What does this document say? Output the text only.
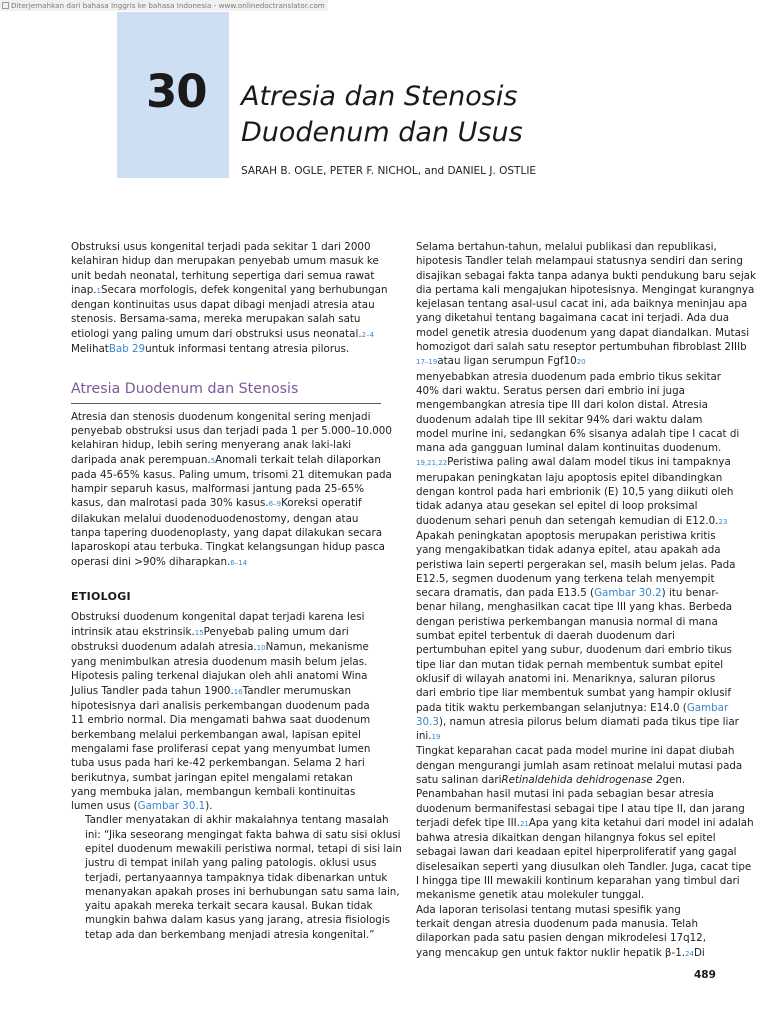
Diterjemahkan dari bahasa Inggris ke bahasa Indonesia - www.onlinedoctranslator.com
30 Atresia dan Stenosis
Duodenum dan Usus
SARAH B. OGLE, PETER F. NICHOL, and DANIEL J. OSTLIE

Obstruksi usus kongenital terjadi pada sekitar 1 dari 2000
kelahiran hidup dan merupakan penyebab umum masuk ke
unit bedah neonatal, terhitung sepertiga dari semua rawat
inap.1Secara morfologis, defek kongenital yang berhubungan
dengan kontinuitas usus dapat dibagi menjadi atresia atau
stenosis. Bersama-sama, mereka merupakan salah satu
etiologi yang paling umum dari obstruksi usus neonatal.2–4
MelihatBab 29untuk informasi tentang atresia pilorus.

Atresia Duodenum dan Stenosis

Atresia dan stenosis duodenum kongenital sering menjadi
penyebab obstruksi usus dan terjadi pada 1 per 5.000–10.000
kelahiran hidup, lebih sering menyerang anak laki-laki
daripada anak perempuan.5Anomali terkait telah dilaporkan
pada 45-65% kasus. Paling umum, trisomi 21 ditemukan pada
hampir separuh kasus, malformasi jantung pada 25-65%
kasus, dan malrotasi pada 30% kasus.6–9Koreksi operatif
dilakukan melalui duodenoduodenostomy, dengan atau
tanpa tapering duodenoplasty, yang dapat dilakukan secara
laparoskopi atau terbuka. Tingkat kelangsungan hidup pasca
operasi dini >90% diharapkan.6–14

ETIOLOGI

Obstruksi duodenum kongenital dapat terjadi karena lesi
intrinsik atau ekstrinsik.15Penyebab paling umum dari
obstruksi duodenum adalah atresia.10Namun, mekanisme
yang menimbulkan atresia duodenum masih belum jelas.
Hipotesis paling terkenal diajukan oleh ahli anatomi Wina
Julius Tandler pada tahun 1900.16Tandler merumuskan
hipotesisnya dari analisis perkembangan duodenum pada
11 embrio normal. Dia mengamati bahwa saat duodenum
berkembang melalui perkembangan awal, lapisan epitel
mengalami fase proliferasi cepat yang menyumbat lumen
tuba usus pada hari ke-42 perkembangan. Selama 2 hari
berikutnya, sumbat jaringan epitel mengalami retakan
yang membuka jalan, membangun kembali kontinuitas
lumen usus (Gambar 30.1).

Tandler menyatakan di akhir makalahnya tentang masalah
ini: “Jika seseorang mengingat fakta bahwa di satu sisi oklusi
epitel duodenum mewakili peristiwa normal, tetapi di sisi lain
justru di tempat inilah yang paling patologis. oklusi usus
terjadi, pertanyaannya tampaknya tidak dibenarkan untuk
menanyakan apakah proses ini berhubungan satu sama lain,
yaitu apakah mereka terkait secara kausal. Bukan tidak
mungkin bahwa dalam kasus yang jarang, atresia fisiologis
tetap ada dan berkembang menjadi atresia kongenital.”

Selama bertahun-tahun, melalui publikasi dan republikasi,
hipotesis Tandler telah melampaui statusnya sendiri dan sering
disajikan sebagai fakta tanpa adanya bukti pendukung baru sejak
dia pertama kali mengajukan hipotesisnya. Mengingat kurangnya
kejelasan tentang asal-usul cacat ini, ada baiknya meninjau apa
yang diketahui tentang bagaimana cacat ini terjadi. Ada dua
model genetik atresia duodenum yang dapat diandalkan. Mutasi
homozigot dari salah satu reseptor pertumbuhan fibroblast 2IIIb
17–19atau ligan serumpun Fgf1020
menyebabkan atresia duodenum pada embrio tikus sekitar
40% dari waktu. Seratus persen dari embrio ini juga
mengembangkan atresia tipe III dari kolon distal. Atresia
duodenum adalah tipe III sekitar 94% dari waktu dalam
model murine ini, sedangkan 6% sisanya adalah tipe I cacat di
mana ada gangguan luminal dalam kontinuitas duodenum.
19,21,22Peristiwa paling awal dalam model tikus ini tampaknya
merupakan peningkatan laju apoptosis epitel dibandingkan
dengan kontrol pada hari embrionik (E) 10,5 yang diikuti oleh
tidak adanya atau gesekan sel epitel di loop proksimal
duodenum sehari penuh dan setengah kemudian di E12.0.23
Apakah peningkatan apoptosis merupakan peristiwa kritis
yang mengakibatkan tidak adanya epitel, atau apakah ada
peristiwa lain seperti pergerakan sel, masih belum jelas. Pada
E12.5, segmen duodenum yang terkena telah menyempit
secara dramatis, dan pada E13.5 (Gambar 30.2) itu benar-
benar hilang, menghasilkan cacat tipe III yang khas. Berbeda
dengan peristiwa perkembangan manusia normal di mana
sumbat epitel terbentuk di daerah duodenum dari
pertumbuhan epitel yang subur, duodenum dari embrio tikus
tipe liar dan mutan tidak pernah membentuk sumbat epitel
oklusif di wilayah anatomi ini. Menariknya, saluran pilorus
dari embrio tipe liar membentuk sumbat yang hampir oklusif
pada titik waktu perkembangan selanjutnya: E14.0 (Gambar
30.3), namun atresia pilorus belum diamati pada tikus tipe liar
ini.19

Tingkat keparahan cacat pada model murine ini dapat diubah
dengan mengurangi jumlah asam retinoat melalui mutasi pada
satu salinan dariRetinaldehida dehidrogenase 2gen.
Penambahan hasil mutasi ini pada sebagian besar atresia
duodenum bermanifestasi sebagai tipe I atau tipe II, dan jarang
terjadi defek tipe III.21Apa yang kita ketahui dari model ini adalah
bahwa atresia dikaitkan dengan hilangnya fokus sel epitel
sebagai lawan dari keadaan epitel hiperproliferatif yang gagal
diselesaikan seperti yang diusulkan oleh Tandler. Juga, cacat tipe
I hingga tipe III mewakili kontinum keparahan yang timbul dari
mekanisme genetik atau molekuler tunggal.

Ada laporan terisolasi tentang mutasi spesifik yang
terkait dengan atresia duodenum pada manusia. Telah
dilaporkan pada satu pasien dengan mikrodelesi 17q12,
yang mencakup gen untuk faktor nuklir hepatik β-1.24Di

489
